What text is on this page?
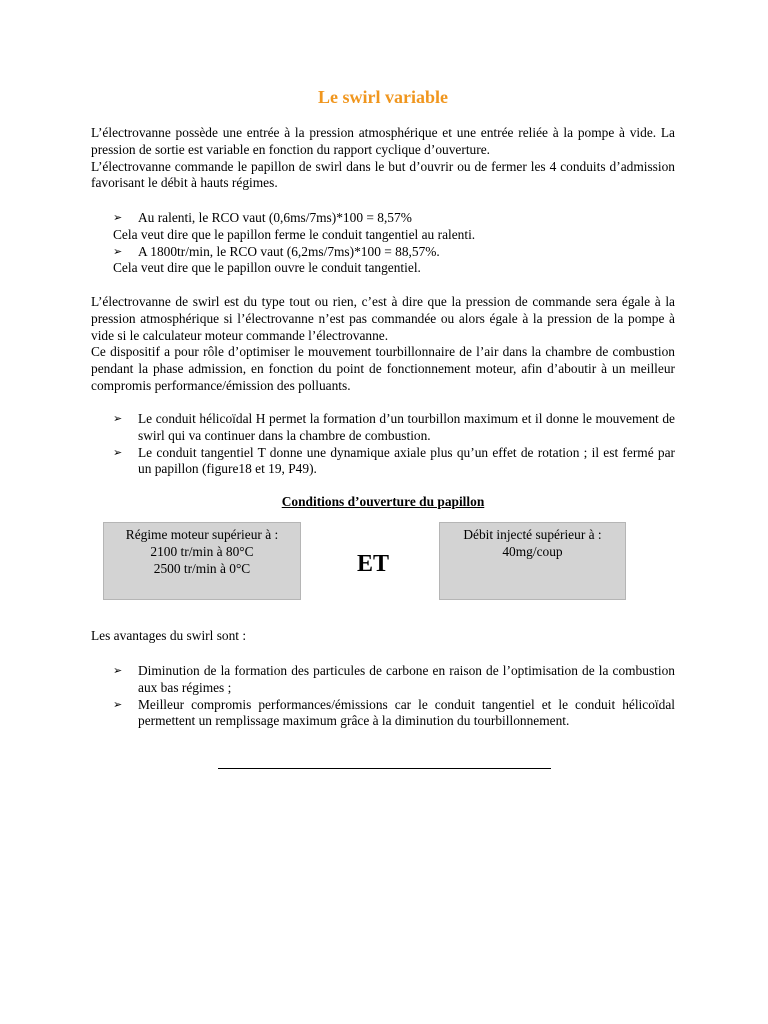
Le swirl variable

L’électrovanne possède une entrée à la pression atmosphérique et une entrée reliée à la pompe à vide. La pression de sortie est variable en fonction du rapport cyclique d’ouverture.

L’électrovanne commande le papillon de swirl dans le but d’ouvrir ou de fermer les 4 conduits d’admission favorisant le débit à hauts régimes.

➢ Au ralenti, le RCO vaut (0,6ms/7ms)*100 = 8,57%
Cela veut dire que le papillon ferme le conduit tangentiel au ralenti.
➢ A 1800tr/min, le RCO vaut (6,2ms/7ms)*100 = 88,57%.
Cela veut dire que le papillon ouvre le conduit tangentiel.

L’électrovanne de swirl est du type tout ou rien, c’est à dire que la pression de commande sera égale à la pression atmosphérique si l’électrovanne n’est pas commandée ou alors égale à la pression de la pompe à vide si le calculateur moteur commande l’électrovanne.

Ce dispositif a pour rôle d’optimiser le mouvement tourbillonnaire de l’air dans la chambre de combustion pendant la phase admission, en fonction du point de fonctionnement moteur, afin d’aboutir à un meilleur compromis performance/émission des polluants.

➢ Le conduit hélicoïdal H permet la formation d’un tourbillon maximum et il donne le mouvement de swirl qui va continuer dans la chambre de combustion.
➢ Le conduit tangentiel T donne une dynamique axiale plus qu’un effet de rotation ; il est fermé par un papillon (figure18 et 19, P49).
Conditions d’ouverture du papillon
Les avantages du swirl sont :
➢ Diminution de la formation des particules de carbone en raison de l’optimisation de la combustion aux bas régimes ;
➢ Meilleur compromis performances/émissions car le conduit tangentiel et le conduit hélicoïdal permettent un remplissage maximum grâce à la diminution du tourbillonnement.
Régime moteur supérieur à :
2100 tr/min à 80°C
2500 tr/min à 0°C	ET
Débit injecté supérieur à :
40mg/coup
